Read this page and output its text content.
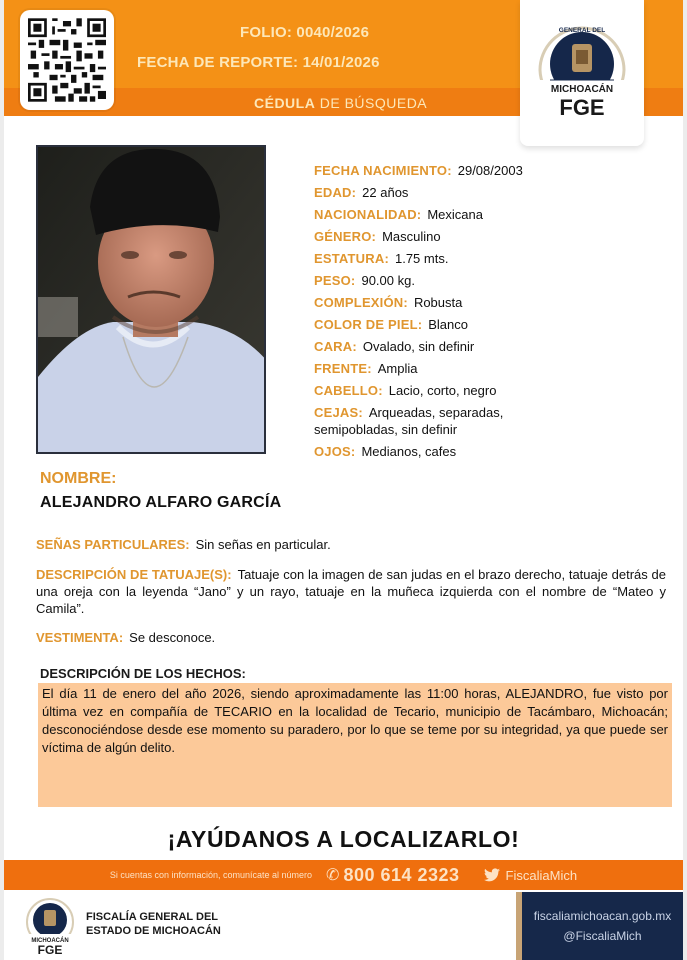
FOLIO: 0040/2026
FECHA DE REPORTE: 14/01/2026
CÉDULA DE BÚSQUEDA
GENERAL DEL
MICHOACÁN
FGE
FECHA NACIMIENTO: 29/08/2003
EDAD: 22 años
NACIONALIDAD: Mexicana
GÉNERO: Masculino
ESTATURA: 1.75 mts.
PESO: 90.00 kg.
COMPLEXIÓN: Robusta
COLOR DE PIEL: Blanco
CARA: Ovalado, sin definir
FRENTE: Amplia
CABELLO: Lacio, corto, negro
CEJAS: Arqueadas, separadas, semipobladas, sin definir
OJOS: Medianos, cafes
NOMBRE:
ALEJANDRO ALFARO GARCÍA
SEÑAS PARTICULARES: Sin señas en particular.
DESCRIPCIÓN DE TATUAJE(S): Tatuaje con la imagen de san judas en el brazo derecho, tatuaje detrás de una oreja con la leyenda “Jano” y un rayo, tatuaje en la muñeca izquierda con el nombre de “Mateo y Camila”.
VESTIMENTA: Se desconoce.
DESCRIPCIÓN DE LOS HECHOS:
El día 11 de enero del año 2026, siendo aproximadamente las 11:00 horas, ALEJANDRO, fue visto por última vez en compañía de TECARIO en la localidad de Tecario, municipio de Tacámbaro, Michoacán; desconociéndose desde ese momento su paradero, por lo que se teme por su integridad, ya que puede ser víctima de algún delito.
¡AYÚDANOS A LOCALIZARLO!
Si cuentas con información, comunícate al número ✆ 800 614 2323	FiscaliaMich
MICHOACÁN
FGE
FISCALÍA GENERAL DEL
ESTADO DE MICHOACÁN
fiscaliamichoacan.gob.mx
@FiscaliaMich
